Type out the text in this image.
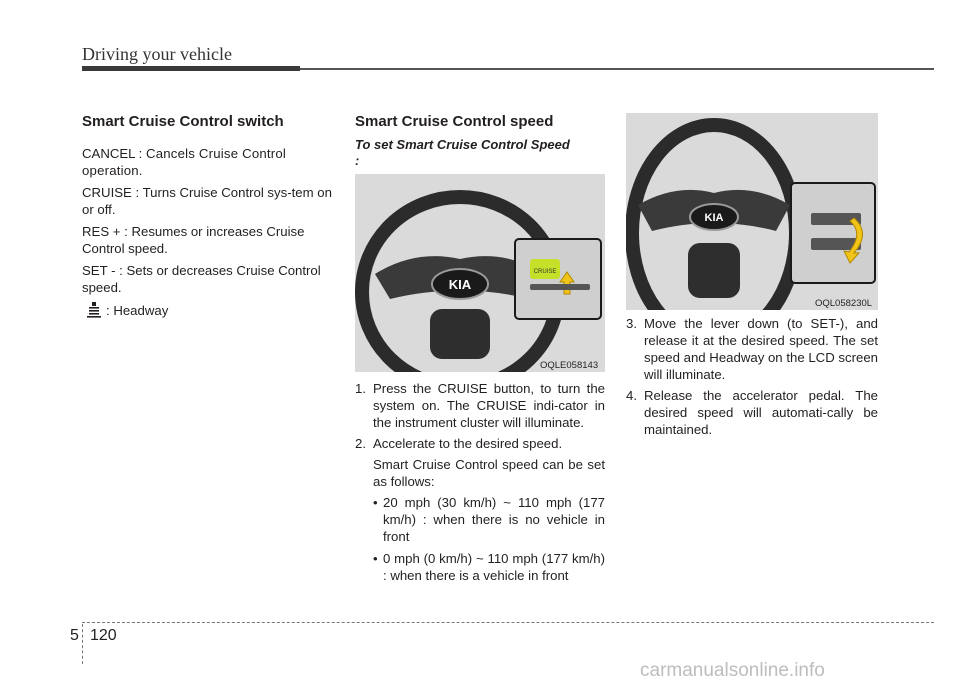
Driving your vehicle
Smart Cruise Control switch
CANCEL : Cancels Cruise Control operation.
CRUISE : Turns Cruise Control sys-tem on or off.
RES + : Resumes or increases Cruise Control speed.
SET - : Sets or decreases Cruise Control speed.
: Headway
Smart Cruise Control speed
To set Smart Cruise Control Speed :
KIA
CRUISE
OQLE058143
1. Press the CRUISE button, to turn the system on. The CRUISE indi-cator in the instrument cluster will illuminate.
2. Accelerate to the desired speed.
Smart Cruise Control speed can be set as follows:
• 20 mph (30 km/h) ~ 110 mph (177 km/h) : when there is no vehicle in front
• 0 mph (0 km/h) ~ 110 mph (177 km/h) : when there is a vehicle in front
KIA
OQL058230L
3. Move the lever down (to SET-), and release it at the desired speed. The set speed and Headway on the LCD screen will illuminate.
4. Release the accelerator pedal. The desired speed will automati-cally be maintained.
5 120
carmanualsonline.info
